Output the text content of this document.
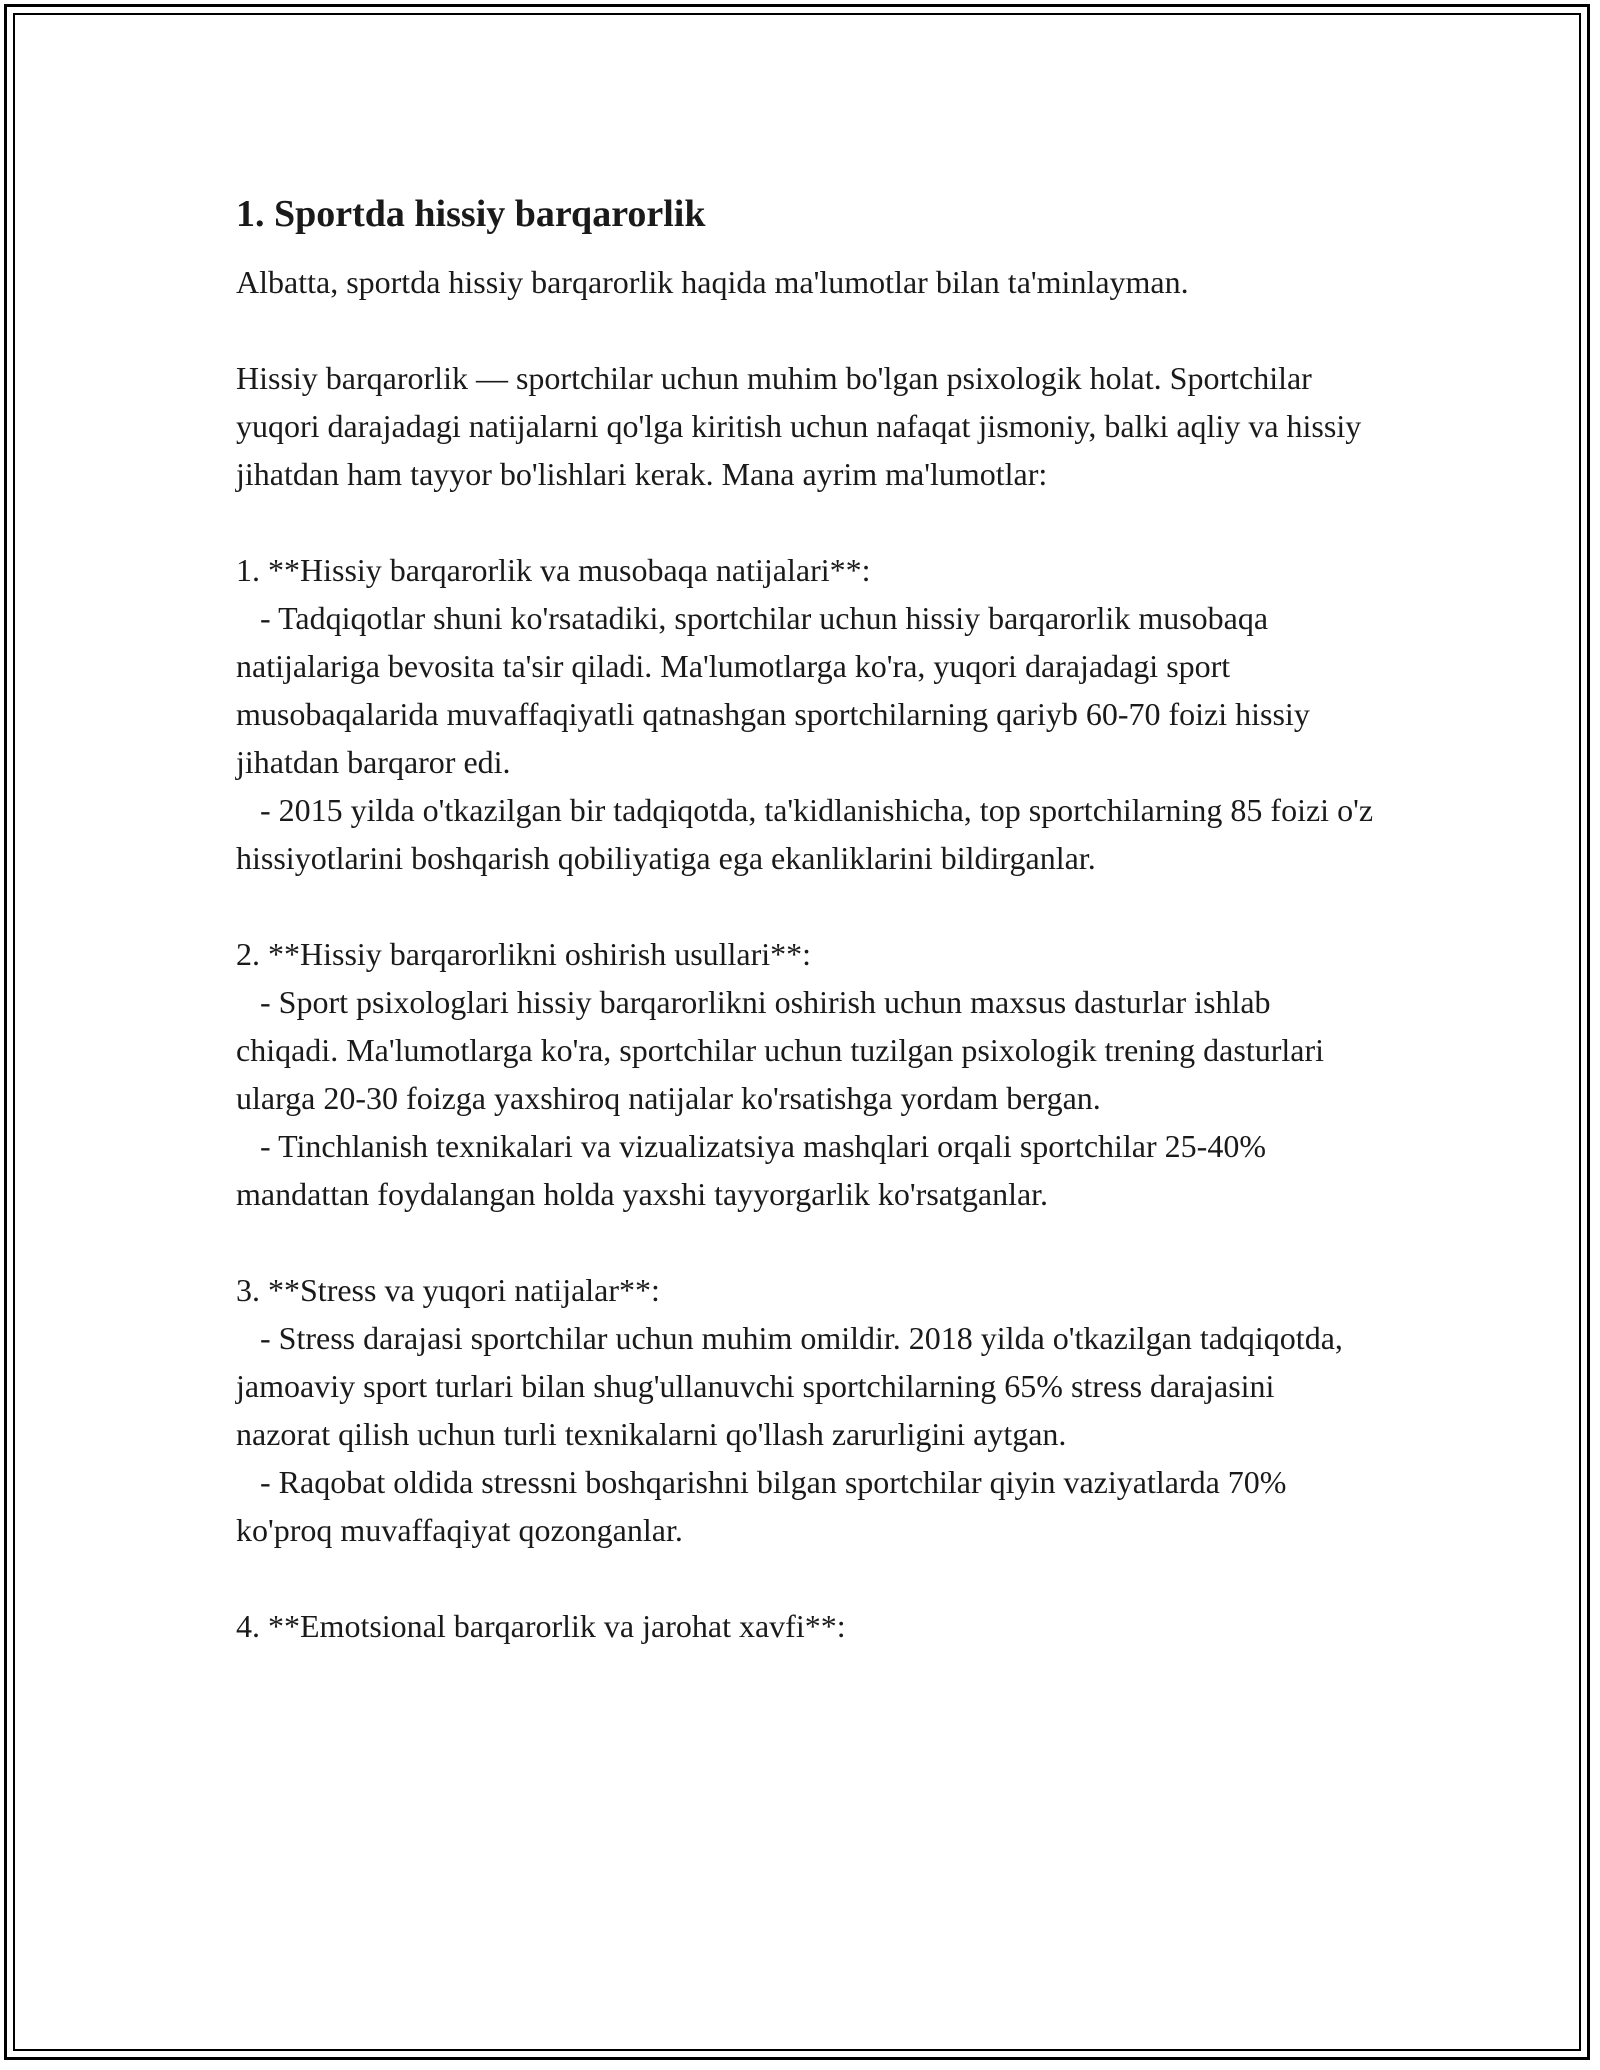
1. Sportda hissiy barqarorlik

Albatta, sportda hissiy barqarorlik haqida ma'lumotlar bilan ta'minlayman.

Hissiy barqarorlik — sportchilar uchun muhim bo'lgan psixologik holat. Sportchilar yuqori darajadagi natijalarni qo'lga kiritish uchun nafaqat jismoniy, balki aqliy va hissiy jihatdan ham tayyor bo'lishlari kerak. Mana ayrim ma'lumotlar:

1. **Hissiy barqarorlik va musobaqa natijalari**:

- Tadqiqotlar shuni ko'rsatadiki, sportchilar uchun hissiy barqarorlik musobaqa natijalariga bevosita ta'sir qiladi. Ma'lumotlarga ko'ra, yuqori darajadagi sport musobaqalarida muvaffaqiyatli qatnashgan sportchilarning qariyb 60-70 foizi hissiy jihatdan barqaror edi.

- 2015 yilda o'tkazilgan bir tadqiqotda, ta'kidlanishicha, top sportchilarning 85 foizi o'z hissiyotlarini boshqarish qobiliyatiga ega ekanliklarini bildirganlar.

2. **Hissiy barqarorlikni oshirish usullari**:

- Sport psixologlari hissiy barqarorlikni oshirish uchun maxsus dasturlar ishlab chiqadi. Ma'lumotlarga ko'ra, sportchilar uchun tuzilgan psixologik trening dasturlari ularga 20-30 foizga yaxshiroq natijalar ko'rsatishga yordam bergan.

- Tinchlanish texnikalari va vizualizatsiya mashqlari orqali sportchilar 25-40% mandattan foydalangan holda yaxshi tayyorgarlik ko'rsatganlar.

3. **Stress va yuqori natijalar**:

- Stress darajasi sportchilar uchun muhim omildir. 2018 yilda o'tkazilgan tadqiqotda, jamoaviy sport turlari bilan shug'ullanuvchi sportchilarning 65% stress darajasini nazorat qilish uchun turli texnikalarni qo'llash zarurligini aytgan.

- Raqobat oldida stressni boshqarishni bilgan sportchilar qiyin vaziyatlarda 70% ko'proq muvaffaqiyat qozonganlar.

4. **Emotsional barqarorlik va jarohat xavfi**:
